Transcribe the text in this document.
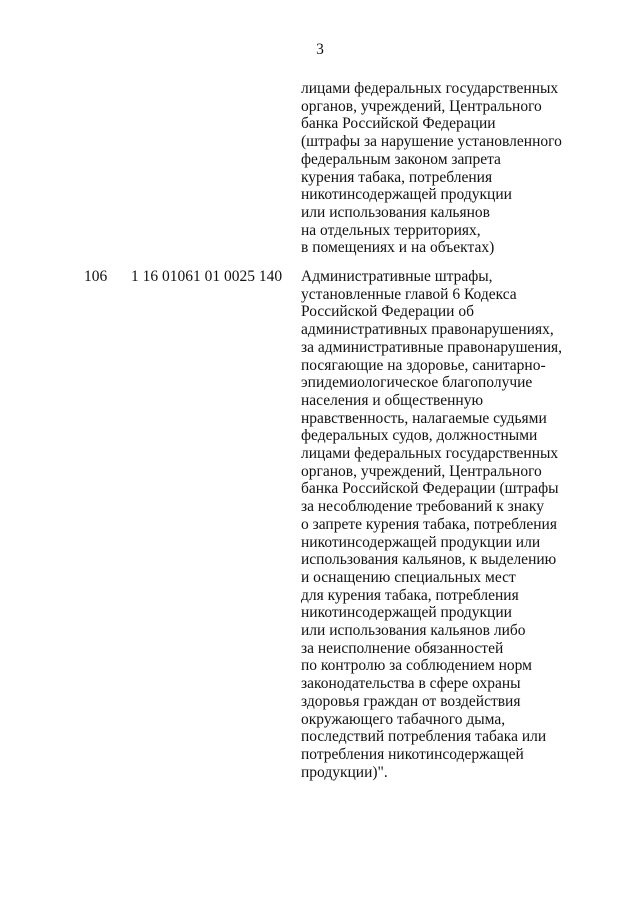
3
лицами федеральных государственных
органов, учреждений, Центрального
банка Российской Федерации
(штрафы за нарушение установленного
федеральным законом запрета
курения табака, потребления
никотинсодержащей продукции
или использования кальянов
на отдельных территориях,
в помещениях и на объектах)
106 1 16 01061 01 0025 140 Административные штрафы,
установленные главой 6 Кодекса
Российской Федерации об
административных правонарушениях,
за административные правонарушения,
посягающие на здоровье, санитарно-
эпидемиологическое благополучие
населения и общественную
нравственность, налагаемые судьями
федеральных судов, должностными
лицами федеральных государственных
органов, учреждений, Центрального
банка Российской Федерации (штрафы
за несоблюдение требований к знаку
о запрете курения табака, потребления
никотинсодержащей продукции или
использования кальянов, к выделению
и оснащению специальных мест
для курения табака, потребления
никотинсодержащей продукции
или использования кальянов либо
за неисполнение обязанностей
по контролю за соблюдением норм
законодательства в сфере охраны
здоровья граждан от воздействия
окружающего табачного дыма,
последствий потребления табака или
потребления никотинсодержащей
продукции)".
